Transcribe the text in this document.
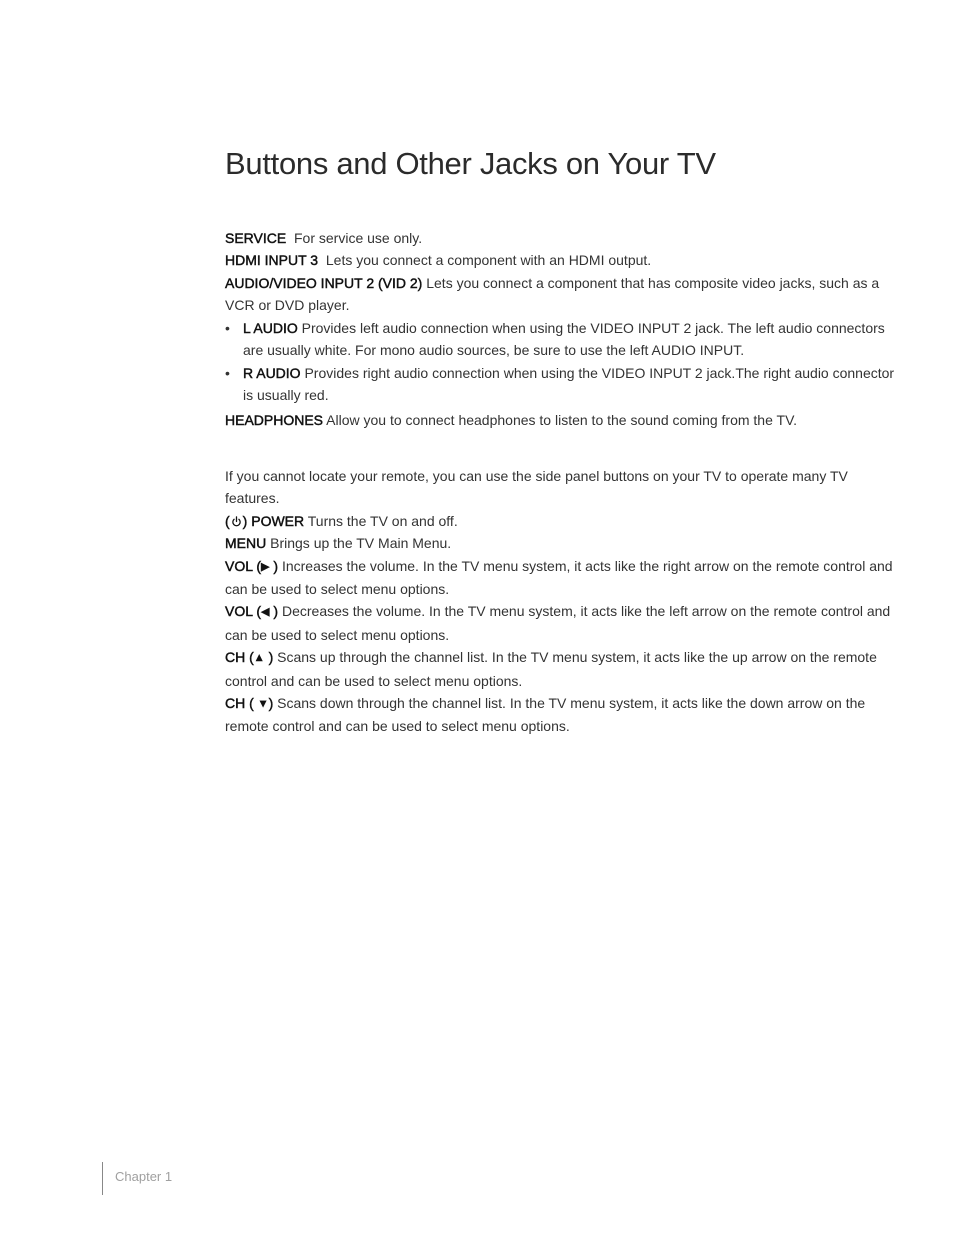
Buttons and Other Jacks on Your TV

SERVICE For service use only.

HDMI INPUT 3 Lets you connect a component with an HDMI output.

AUDIO/VIDEO INPUT 2 (VID 2) Lets you connect a component that has composite video jacks, such as a VCR or DVD player.

• L AUDIO Provides left audio connection when using the VIDEO INPUT 2 jack. The left audio connectors are usually white. For mono audio sources, be sure to use the left AUDIO INPUT.
• R AUDIO Provides right audio connection when using the VIDEO INPUT 2 jack.The right audio connector is usually red.

HEADPHONES Allow you to connect headphones to listen to the sound coming from the TV.

If you cannot locate your remote, you can use the side panel buttons on your TV to operate many TV features.

( ) POWER Turns the TV on and off.

MENU Brings up the TV Main Menu.

VOL (▶ ) Increases the volume. In the TV menu system, it acts like the right arrow on the remote control and can be used to select menu options.

VOL (◀ ) Decreases the volume. In the TV menu system, it acts like the left arrow on the remote control and can be used to select menu options.

CH (▲ ) Scans up through the channel list. In the TV menu system, it acts like the up arrow on the remote control and can be used to select menu options.

CH ( ▼) Scans down through the channel list. In the TV menu system, it acts like the down arrow on the remote control and can be used to select menu options.

Chapter 1
